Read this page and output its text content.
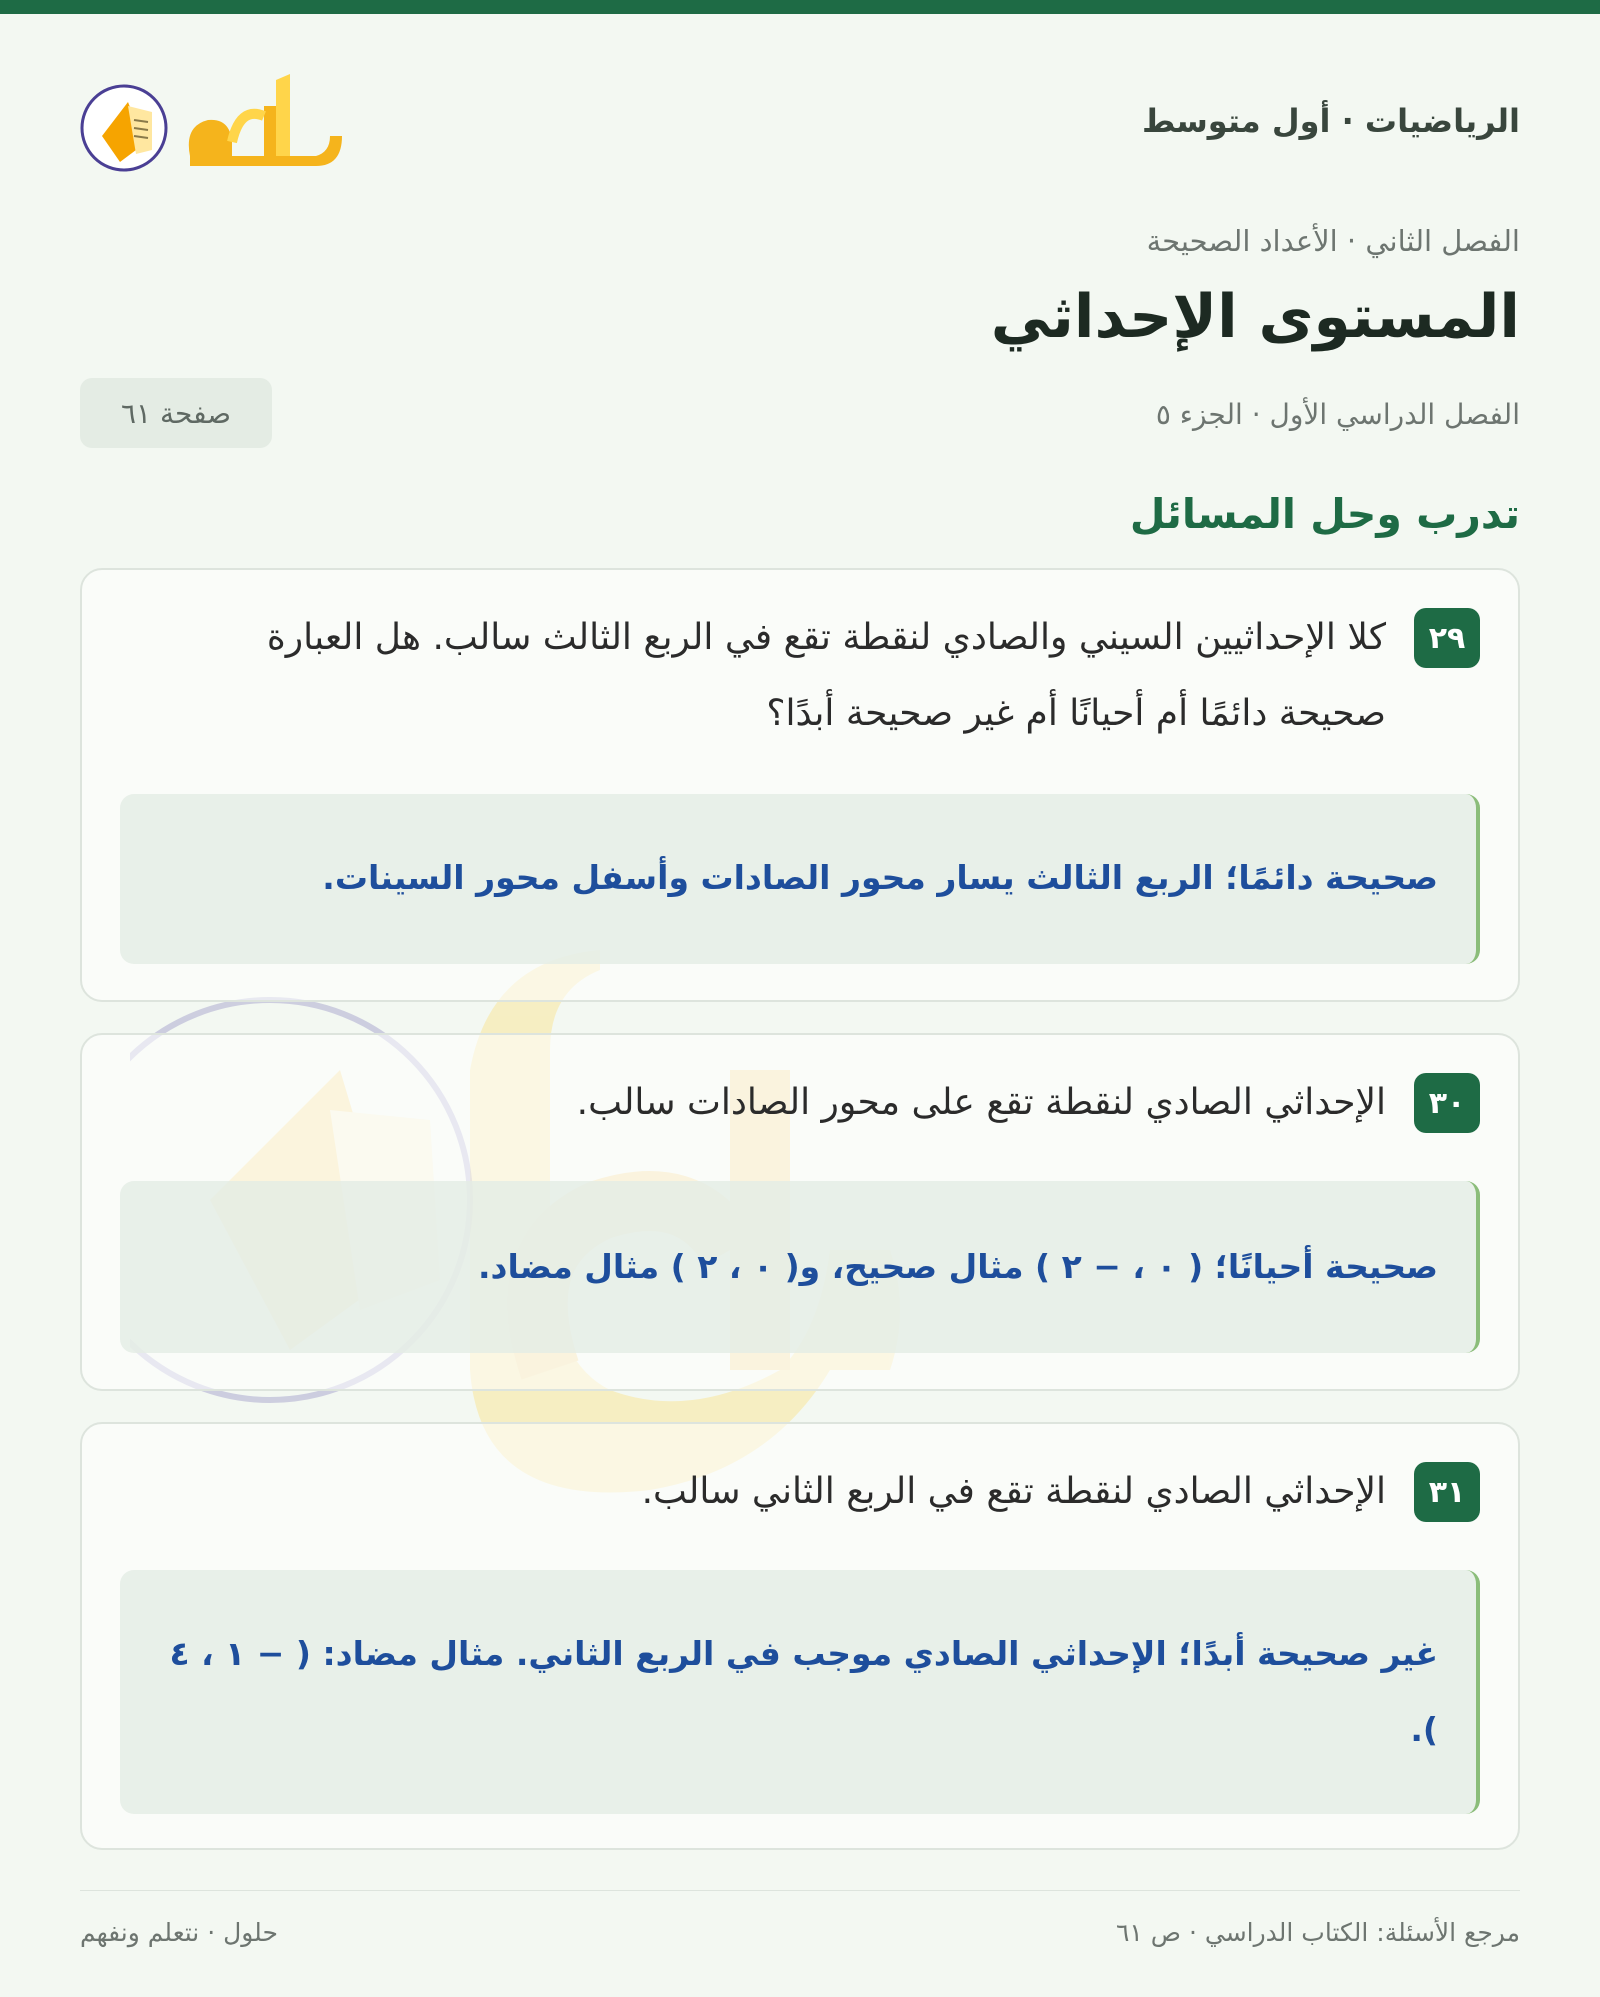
الرياضيات · أول متوسط
الفصل الثاني · الأعداد الصحيحة
المستوى الإحداثي
الفصل الدراسي الأول · الجزء ٥
صفحة ٦١
تدرب وحل المسائل
٢٩
كلا الإحداثيين السيني والصادي لنقطة تقع في الربع الثالث سالب. هل العبارة صحيحة دائمًا أم أحيانًا أم غير صحيحة أبدًا؟
صحيحة دائمًا؛ الربع الثالث يسار محور الصادات وأسفل محور السينات.
٣٠
الإحداثي الصادي لنقطة تقع على محور الصادات سالب.
صحيحة أحيانًا؛ ( ٠ ، − ٢ ) مثال صحيح، و( ٠ ، ٢ ) مثال مضاد.
٣١
الإحداثي الصادي لنقطة تقع في الربع الثاني سالب.
غير صحيحة أبدًا؛ الإحداثي الصادي موجب في الربع الثاني. مثال مضاد: ( − ١ ، ٤ ).
مرجع الأسئلة: الكتاب الدراسي · ص ٦١
حلول · نتعلم ونفهم
